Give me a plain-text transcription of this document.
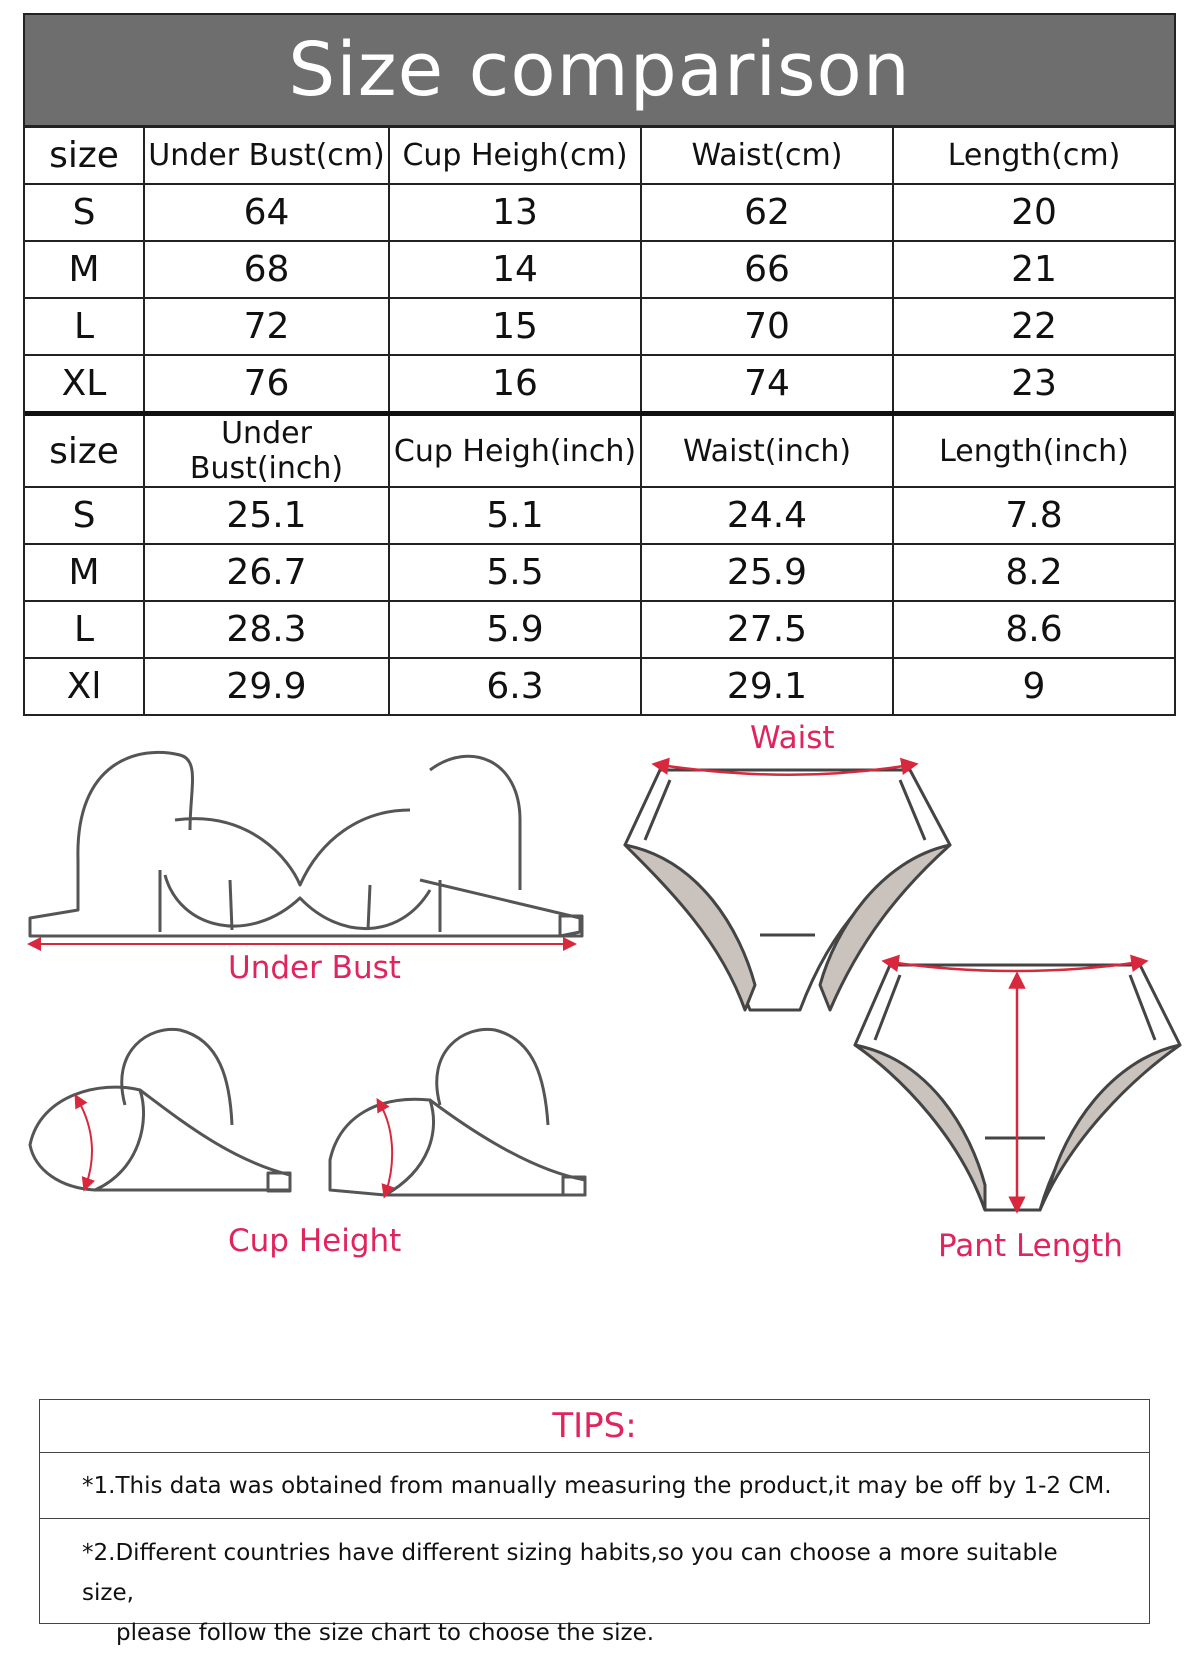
Size comparison
size	Under Bust(cm)	Cup Heigh(cm)	Waist(cm)	Length(cm)
S	64	13	62	20
M	68	14	66	21
L	72	15	70	22
XL	76	16	74	23
size	Under Bust(inch)	Cup Heigh(inch)	Waist(inch)	Length(inch)
S	25.1	5.1	24.4	7.8
M	26.7	5.5	25.9	8.2
L	28.3	5.9	27.5	8.6
Xl	29.9	6.3	29.1	9
Waist
Under Bust
Cup Height	Pant Length
TIPS:
*1.This data was obtained from manually measuring the product,it may be off by 1-2 CM.
*2.Different countries have different sizing habits,so you can choose a more suitable size,
please follow the size chart to choose the size.
